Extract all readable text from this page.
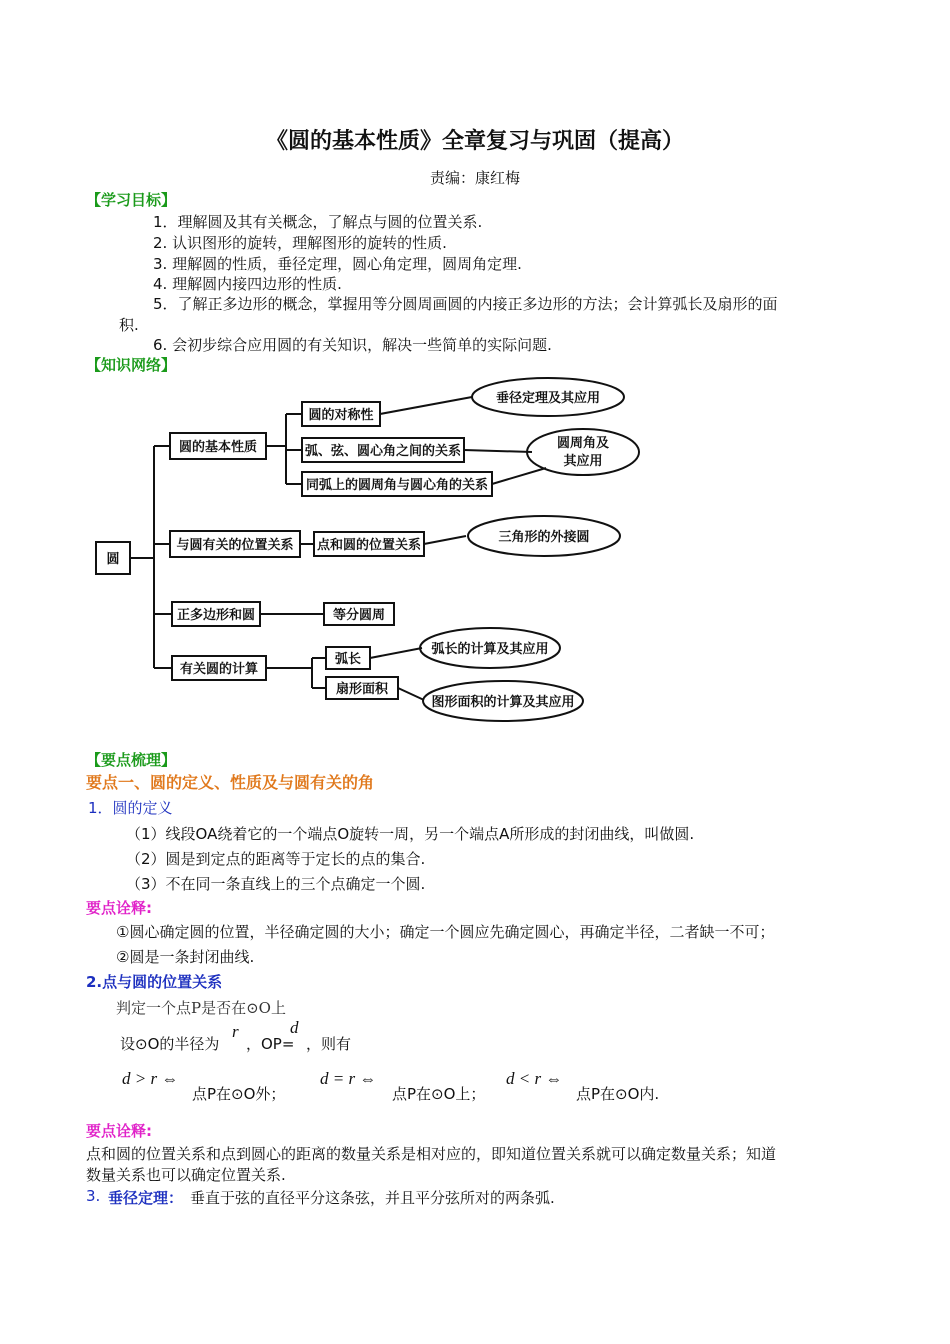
《圆的基本性质》全章复习与巩固（提高）
责编：康红梅
【学习目标】
1．理解圆及其有关概念，了解点与圆的位置关系.
2. 认识图形的旋转，理解图形的旋转的性质.
3. 理解圆的性质，垂径定理，圆心角定理，圆周角定理.
4. 理解圆内接四边形的性质.
5．了解正多边形的概念，掌握用等分圆周画圆的内接正多边形的方法；会计算弧长及扇形的面
积.
6. 会初步综合应用圆的有关知识，解决一些简单的实际问题.
【知识网络】
圆
圆的基本性质
圆的对称性
弧、弦、圆心角之间的关系
同弧上的圆周角与圆心角的关系
垂径定理及其应用
圆周角及
其应用
与圆有关的位置关系 点和圆的位置关系
三角形的外接圆
正多边形和圆	等分圆周
有关圆的计算
弧长
扇形面积
弧长的计算及其应用
图形面积的计算及其应用
【要点梳理】
要点一、圆的定义、性质及与圆有关的角
1．圆的定义
（1）线段OA绕着它的一个端点O旋转一周，另一个端点A所形成的封闭曲线，叫做圆.
（2）圆是到定点的距离等于定长的点的集合.
（3）不在同一条直线上的三个点确定一个圆.
要点诠释:
①圆心确定圆的位置，半径确定圆的大小；确定一个圆应先确定圆心，再确定半径，二者缺一不可；
②圆是一条封闭曲线.
2.点与圆的位置关系
判定一个点P是否在⊙O上
设⊙O的半径为
r
，OP=
d
，则有
d > r ⇔
点P在⊙O外；
d = r ⇔
点P在⊙O上；
d < r ⇔
点P在⊙O内.
要点诠释:
点和圆的位置关系和点到圆心的距离的数量关系是相对应的，即知道位置关系就可以确定数量关系；知道
数量关系也可以确定位置关系.
3. 垂径定理： 垂直于弦的直径平分这条弦，并且平分弦所对的两条弧.
